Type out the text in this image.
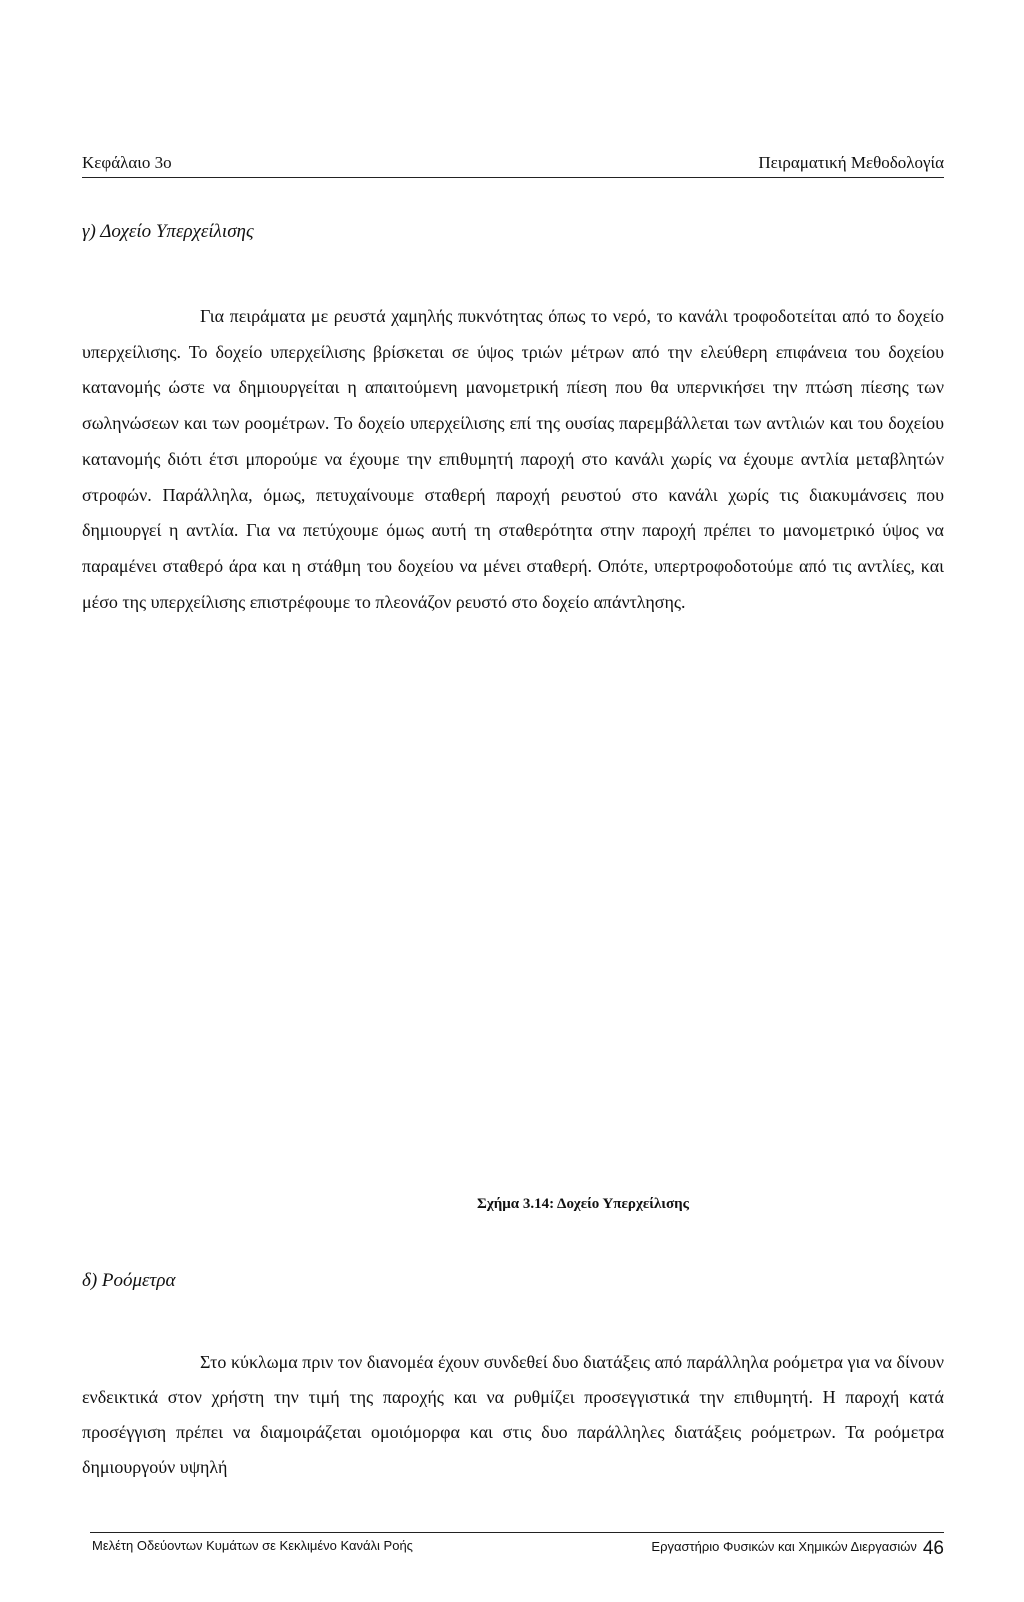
Κεφάλαιο 3ο	Πειραματική Μεθοδολογία
γ) Δοχείο Υπερχείλισης

Για πειράματα με ρευστά χαμηλής πυκνότητας όπως το νερό, το κανάλι τροφοδοτείται από το δοχείο υπερχείλισης. Το δοχείο υπερχείλισης βρίσκεται σε ύψος τριών μέτρων από την ελεύθερη επιφάνεια του δοχείου κατανομής ώστε να δημιουργείται η απαιτούμενη μανομετρική πίεση που θα υπερνικήσει την πτώση πίεσης των σωληνώσεων και των ροομέτρων. Το δοχείο υπερχείλισης επί της ουσίας παρεμβάλλεται των αντλιών και του δοχείου κατανομής διότι έτσι μπορούμε να έχουμε την επιθυμητή παροχή στο κανάλι χωρίς να έχουμε αντλία μεταβλητών στροφών. Παράλληλα, όμως, πετυχαίνουμε σταθερή παροχή ρευστού στο κανάλι χωρίς τις διακυμάνσεις που δημιουργεί η αντλία. Για να πετύχουμε όμως αυτή τη σταθερότητα στην παροχή πρέπει το μανομετρικό ύψος να παραμένει σταθερό άρα και η στάθμη του δοχείου να μένει σταθερή. Οπότε, υπερτροφοδοτούμε από τις αντλίες, και μέσο της υπερχείλισης επιστρέφουμε το πλεονάζον ρευστό στο δοχείο απάντλησης.

Σχήμα 3.14: Δοχείο Υπερχείλισης
δ) Ροόμετρα

Στο κύκλωμα πριν τον διανομέα έχουν συνδεθεί δυο διατάξεις από παράλληλα ροόμετρα για να δίνουν ενδεικτικά στον χρήστη την τιμή της παροχής και να ρυθμίζει προσεγγιστικά την επιθυμητή. Η παροχή κατά προσέγγιση πρέπει να διαμοιράζεται ομοιόμορφα και στις δυο παράλληλες διατάξεις ροόμετρων. Τα ροόμετρα δημιουργούν υψηλή

Μελέτη Οδεύοντων Κυμάτων σε Κεκλιμένο Κανάλι Ροής	Εργαστήριο Φυσικών και Χημικών Διεργασιών 46
